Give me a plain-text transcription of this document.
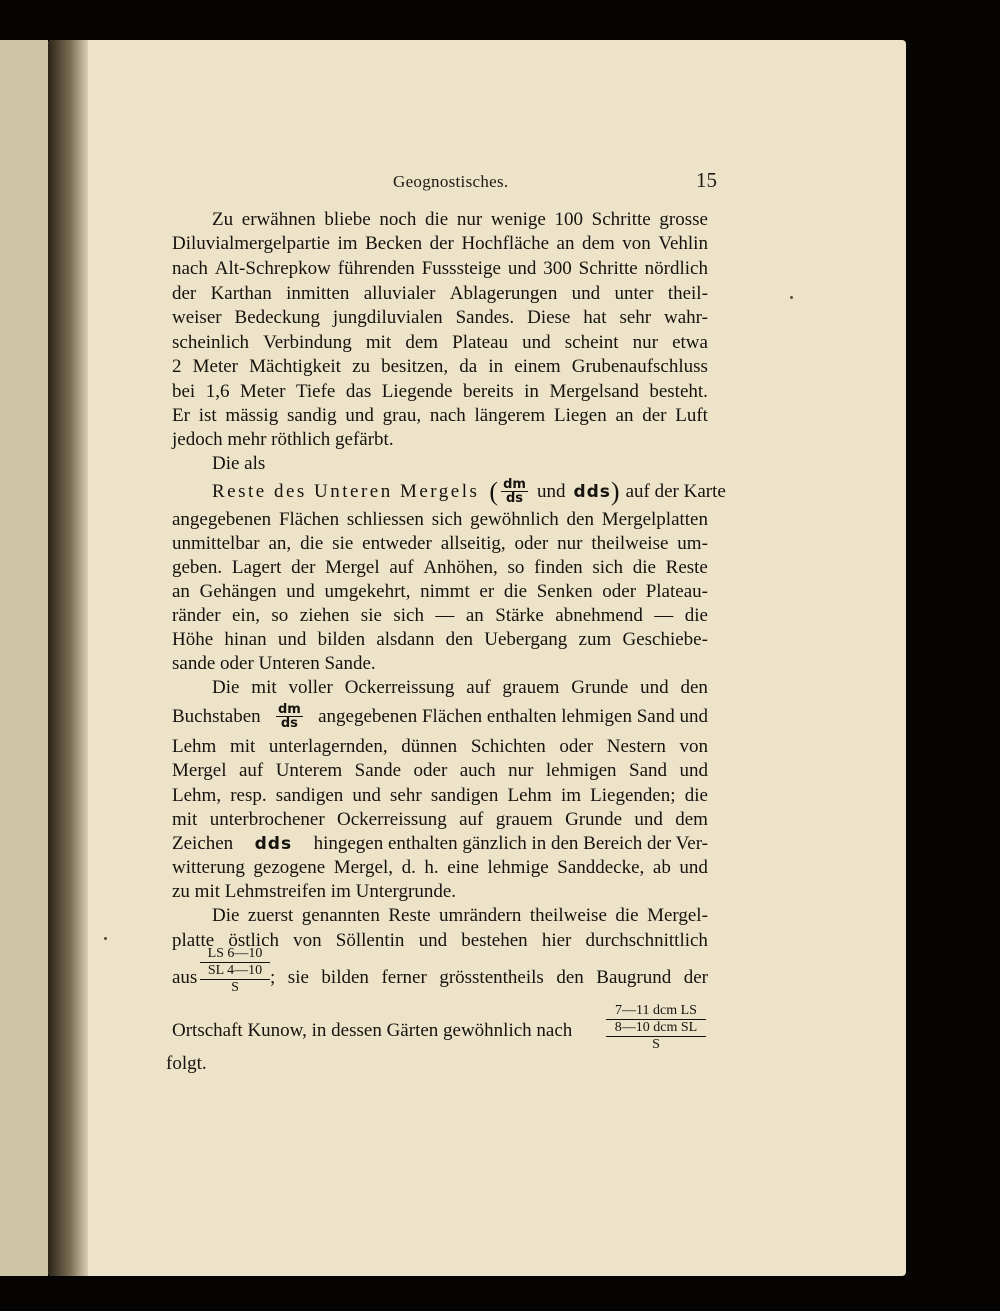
Geognostisches.	15
Zu erwähnen bliebe noch die nur wenige 100 Schritte grosse
Diluvialmergelpartie im Becken der Hochfläche an dem von Vehlin
nach Alt-Schrepkow führenden Fusssteige und 300 Schritte nördlich
der Karthan inmitten alluvialer Ablagerungen und unter theil-
weiser Bedeckung jungdiluvialen Sandes. Diese hat sehr wahr-
scheinlich Verbindung mit dem Plateau und scheint nur etwa
2 Meter Mächtigkeit zu besitzen, da in einem Grubenaufschluss
bei 1,6 Meter Tiefe das Liegende bereits in Mergelsand besteht.
Er ist mässig sandig und grau, nach längerem Liegen an der Luft
jedoch mehr röthlich gefärbt.
Die als
Reste des Unteren Mergels ( $\frac{dm}{ds}$ und dds ) auf der Karte
angegebenen Flächen schliessen sich gewöhnlich den Mergelplatten
unmittelbar an, die sie entweder allseitig, oder nur theilweise um-
geben. Lagert der Mergel auf Anhöhen, so finden sich die Reste
an Gehängen und umgekehrt, nimmt er die Senken oder Plateau-
ränder ein, so ziehen sie sich — an Stärke abnehmend — die
Höhe hinan und bilden alsdann den Uebergang zum Geschiebe-
sande oder Unteren Sande.
Die mit voller Ockerreissung auf grauem Grunde und den
Buchstaben $\frac{dm}{ds}$ angegebenen Flächen enthalten lehmigen Sand und
Lehm mit unterlagernden, dünnen Schichten oder Nestern von
Mergel auf Unterem Sande oder auch nur lehmigen Sand und
Lehm, resp. sandigen und sehr sandigen Lehm im Liegenden; die
mit unterbrochener Ockerreissung auf grauem Grunde und dem
Zeichen dds hingegen enthalten gänzlich in den Bereich der Ver-
witterung gezogene Mergel, d. h. eine lehmige Sanddecke, ab und
zu mit Lehmstreifen im Untergrunde.
Die zuerst genannten Reste umrändern theilweise die Mergel-
platte östlich von Söllentin und bestehen hier durchschnittlich
aus
LS 6—10
SL 4—10
S	; sie bilden ferner grösstentheils den Baugrund der
Ortschaft Kunow, in dessen Gärten gewöhnlich nach
7—11 dcm LS
8—10 dcm SL
S
folgt.
